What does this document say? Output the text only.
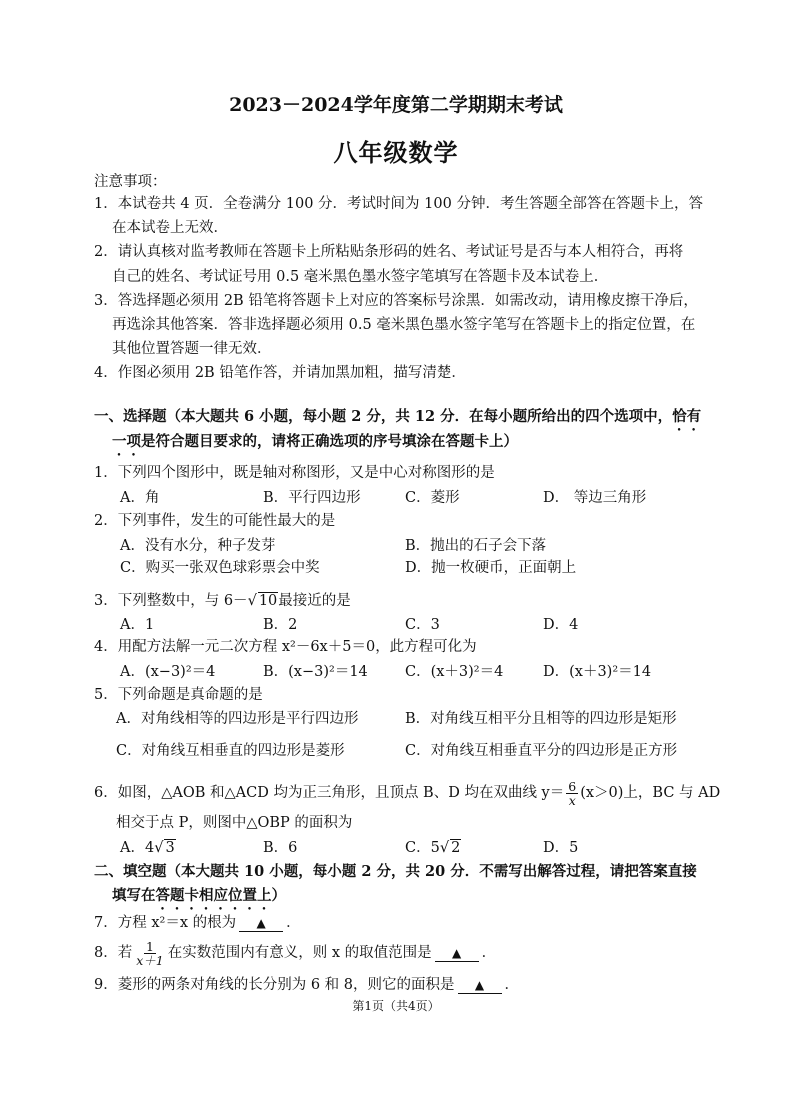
2023－2024学年度第二学期期末考试
八年级数学
注意事项：
1．本试卷共 4 页．全卷满分 100 分．考试时间为 100 分钟．考生答题全部答在答题卡上，答
在本试卷上无效．
2．请认真核对监考教师在答题卡上所粘贴条形码的姓名、考试证号是否与本人相符合，再将
自己的姓名、考试证号用 0.5 毫米黑色墨水签字笔填写在答题卡及本试卷上．
3．答选择题必须用 2B 铅笔将答题卡上对应的答案标号涂黑．如需改动，请用橡皮擦干净后，
再选涂其他答案．答非选择题必须用 0.5 毫米黑色墨水签字笔写在答题卡上的指定位置，在
其他位置答题一律无效．
4．作图必须用 2B 铅笔作答，并请加黑加粗，描写清楚．
一、选择题（本大题共 6 小题，每小题 2 分，共 12 分．在每小题所给出的四个选项中，恰有
一项是符合题目要求的，请将正确选项的序号填涂在答题卡上）
1．下列四个图形中，既是轴对称图形，又是中心对称图形的是
A．角	B．平行四边形	C．菱形	D． 等边三角形
2．下列事件，发生的可能性最大的是
A．没有水分，种子发芽	B．抛出的石子会下落
C．购买一张双色球彩票会中奖	D．抛一枚硬币，正面朝上
3．下列整数中，与 6－√ 10最接近的是
A．1	B．2	C．3	D．4
4．用配方法解一元二次方程 x²－6x＋5＝0，此方程可化为
A．(x−3)²＝4	B．(x−3)²＝14	C．(x＋3)²＝4	D．(x＋3)²＝14
5．下列命题是真命题的是
A．对角线相等的四边形是平行四边形	B．对角线互相平分且相等的四边形是矩形
C．对角线互相垂直的四边形是菱形	C．对角线互相垂直平分的四边形是正方形
6．如图，△AOB 和△ACD 均为正三角形，且顶点 B、D 均在双曲线 $y= \frac{6}{x} (x>0)$上，BC 与 AD
相交于点 P，则图中△OBP 的面积为
A．4√ 3	B．6	C．5√ 2	D．5
二、填空题（本大题共 10 小题，每小题 2 分，共 20 分．不需写出解答过程，请把答案直接
填写在答题卡相应位置上）
7．方程 x²＝x 的根为 ▲ ．
8．若 $\frac{1}{x+1}$ 在实数范围内有意义，则 x 的取值范围是 ▲ ．
9．菱形的两条对角线的长分别为 6 和 8，则它的面积是 ▲ ．
第1页（共4页）
